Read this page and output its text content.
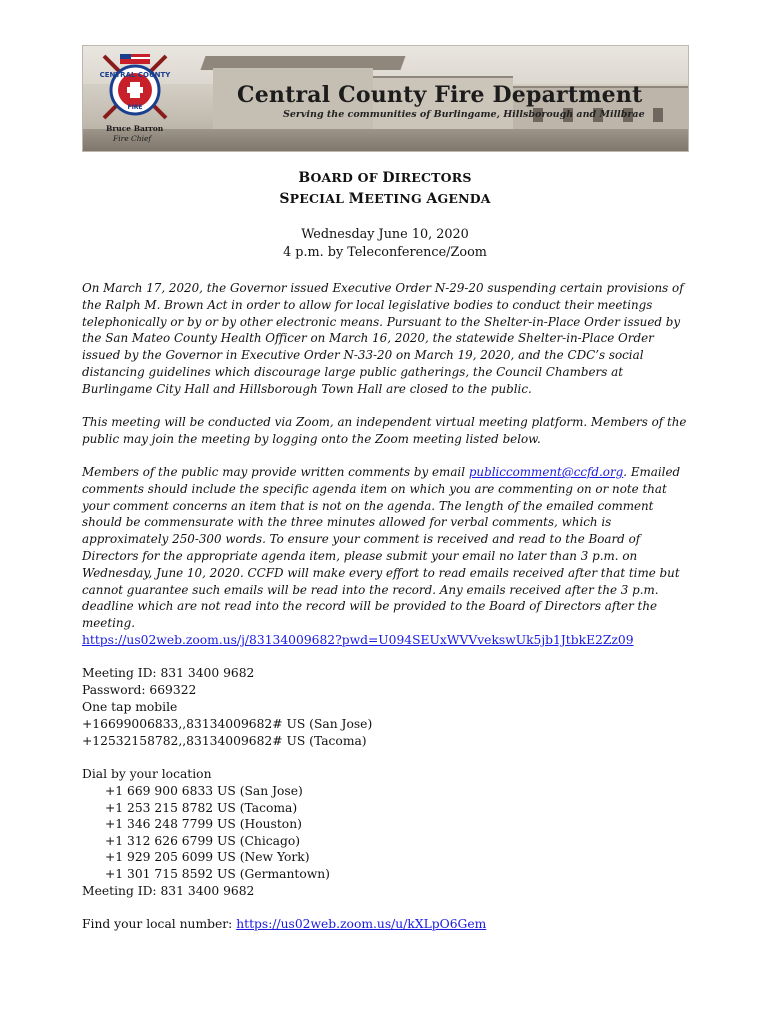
CENTRAL COUNTY
FIRE	Central County Fire Department
Serving the communities of Burlingame, Hillsborough and Millbrae
Bruce Barron
Fire Chief
BOARD OF DIRECTORS
SPECIAL MEETING AGENDA
Wednesday June 10, 2020
4 p.m. by Teleconference/Zoom
On March 17, 2020, the Governor issued Executive Order N-29-20 suspending certain provisions of the Ralph M. Brown Act in order to allow for local legislative bodies to conduct their meetings telephonically or by or by other electronic means. Pursuant to the Shelter-in-Place Order issued by the San Mateo County Health Officer on March 16, 2020, the statewide Shelter-in-Place Order issued by the Governor in Executive Order N-33-20 on March 19, 2020, and the CDC’s social distancing guidelines which discourage large public gatherings, the Council Chambers at Burlingame City Hall and Hillsborough Town Hall are closed to the public.
This meeting will be conducted via Zoom, an independent virtual meeting platform. Members of the public may join the meeting by logging onto the Zoom meeting listed below.
Members of the public may provide written comments by email publiccomment@ccfd.org. Emailed comments should include the specific agenda item on which you are commenting on or note that your comment concerns an item that is not on the agenda. The length of the emailed comment should be commensurate with the three minutes allowed for verbal comments, which is approximately 250-300 words. To ensure your comment is received and read to the Board of Directors for the appropriate agenda item, please submit your email no later than 3 p.m. on Wednesday, June 10, 2020. CCFD will make every effort to read emails received after that time but cannot guarantee such emails will be read into the record. Any emails received after the 3 p.m. deadline which are not read into the record will be provided to the Board of Directors after the meeting.
https://us02web.zoom.us/j/83134009682?pwd=U094SEUxWVVvekswUk5jb1JtbkE2Zz09
Meeting ID: 831 3400 9682
Password: 669322
One tap mobile
+16699006833,,83134009682# US (San Jose)
+12532158782,,83134009682# US (Tacoma)
Dial by your location
+1 669 900 6833 US (San Jose)
+1 253 215 8782 US (Tacoma)
+1 346 248 7799 US (Houston)
+1 312 626 6799 US (Chicago)
+1 929 205 6099 US (New York)
+1 301 715 8592 US (Germantown)
Meeting ID: 831 3400 9682
Find your local number: https://us02web.zoom.us/u/kXLpO6Gem
